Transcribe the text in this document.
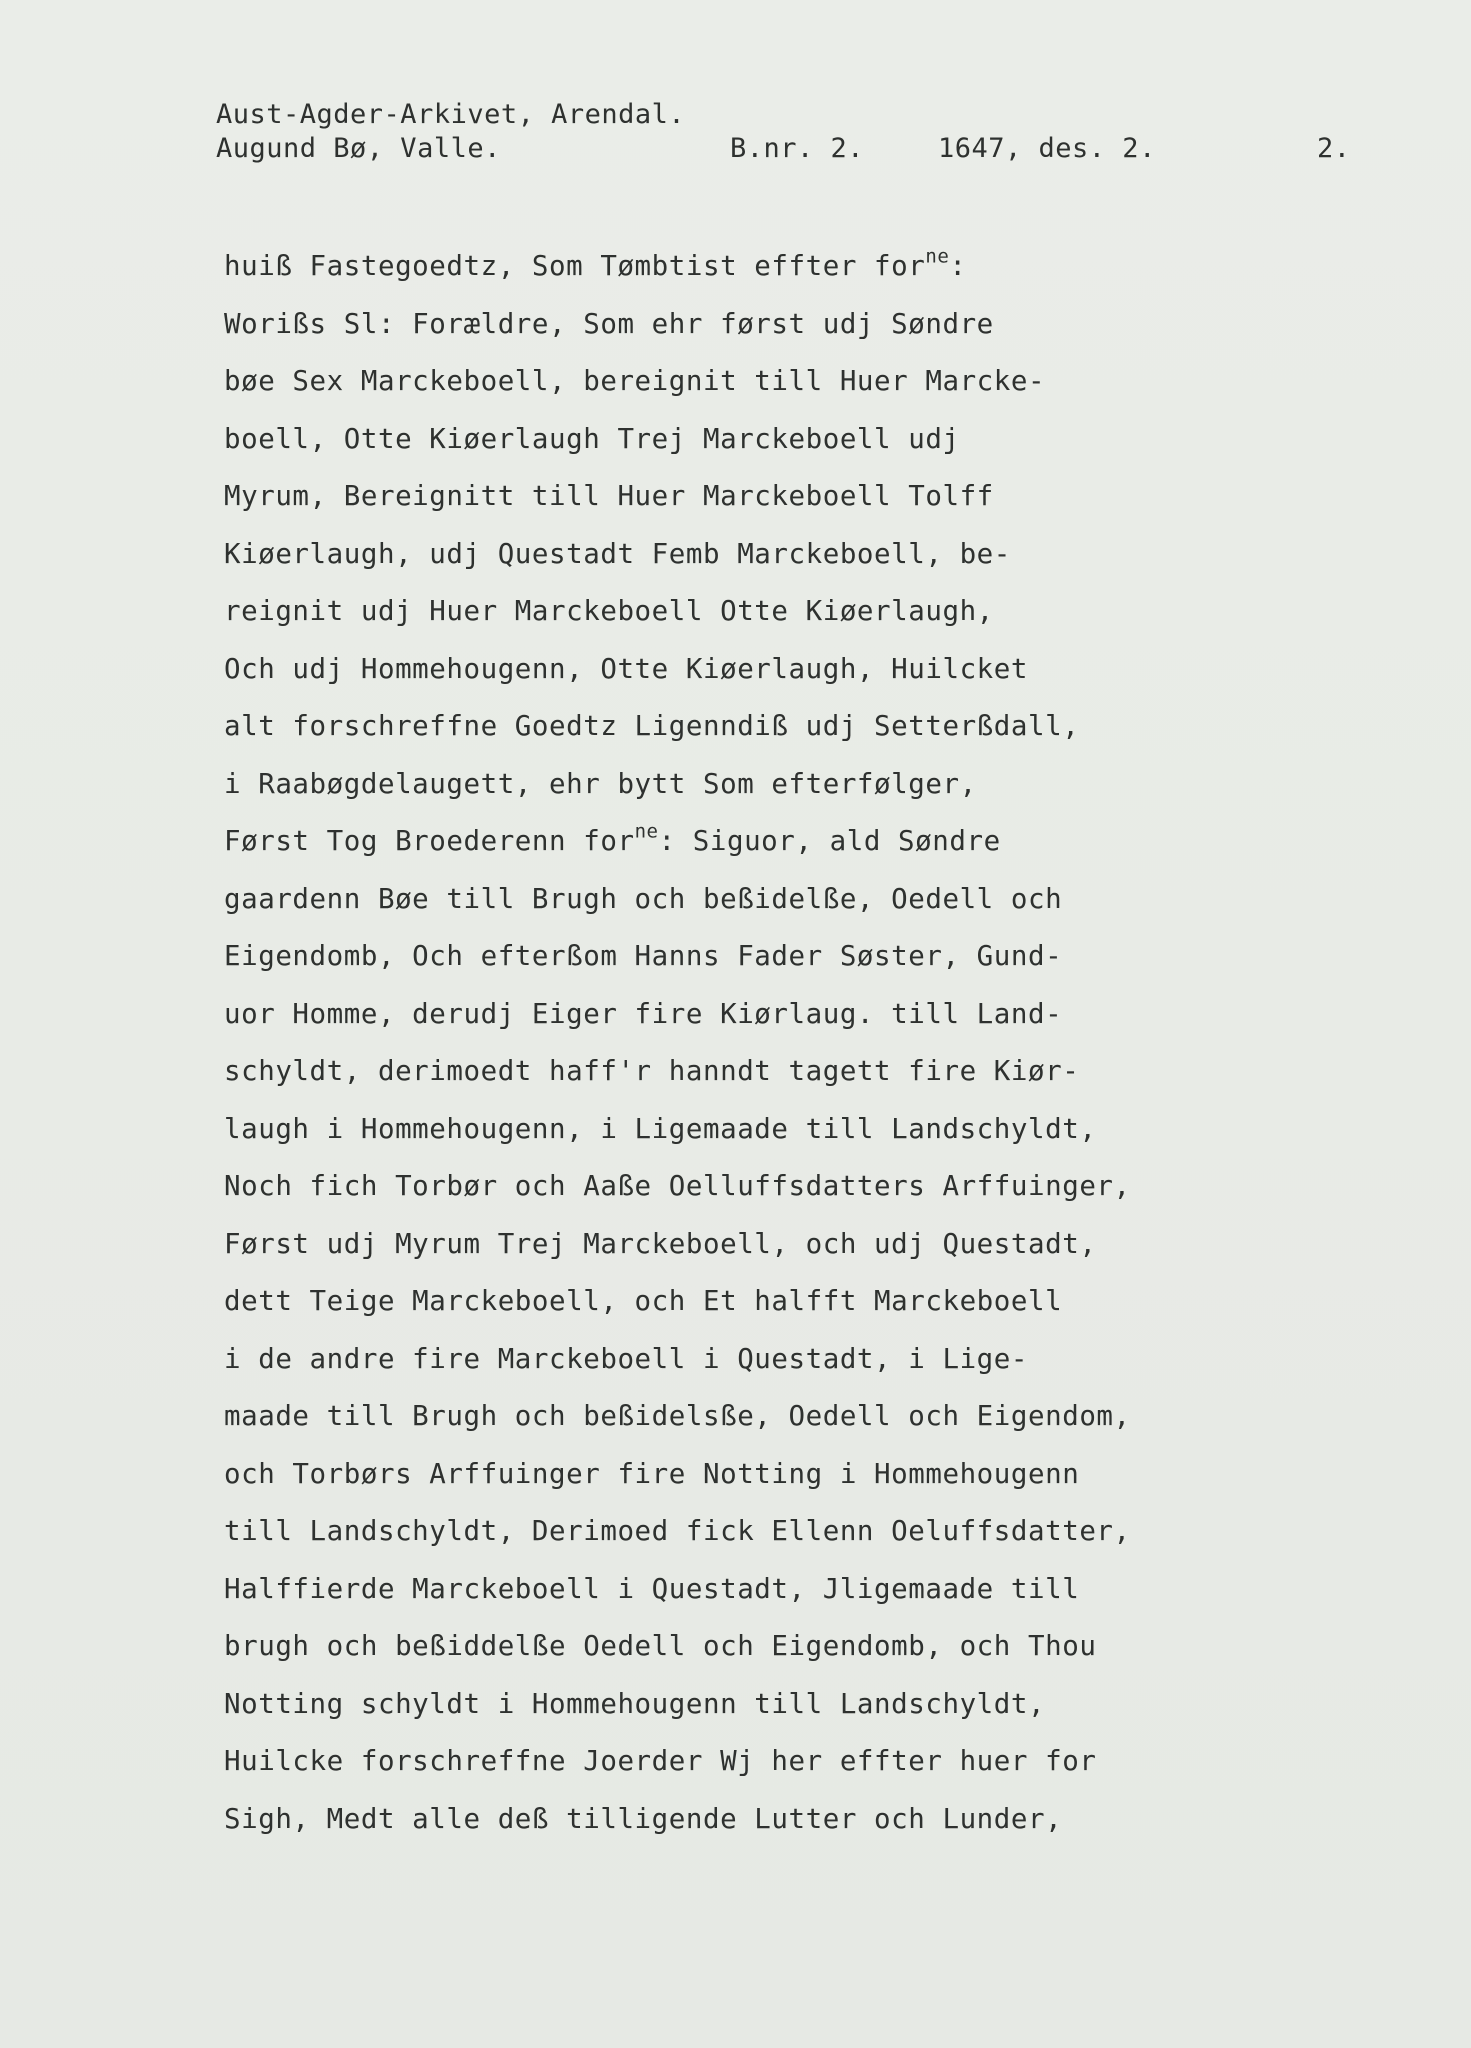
Aust-Agder-Arkivet, Arendal.
Augund Bø, Valle.	B.nr. 2.	1647, des. 2.	2.
huiß Fastegoedtz, Som Tømbtist effter for$^{ne}$:
Worißs Sl: Forældre, Som ehr først udj Søndre
bøe Sex Marckeboell, bereignit till Huer Marcke-
boell, Otte Kiøerlaugh Trej Marckeboell udj
Myrum, Bereignitt till Huer Marckeboell Tolff
Kiøerlaugh, udj Questadt Femb Marckeboell, be-
reignit udj Huer Marckeboell Otte Kiøerlaugh,
Och udj Hommehougenn, Otte Kiøerlaugh, Huilcket
alt forschreffne Goedtz Ligenndiß udj Setterßdall,
i Raabøgdelaugett, ehr bytt Som efterfølger,
Først Tog Broederenn for$^{ne}$: Siguor, ald Søndre
gaardenn Bøe till Brugh och beßidelße, Oedell och
Eigendomb, Och efterßom Hanns Fader Søster, Gund-
uor Homme, derudj Eiger fire Kiørlaug. till Land-
schyldt, derimoedt haff'r hanndt tagett fire Kiør-
laugh i Hommehougenn, i Ligemaade till Landschyldt,
Noch fich Torbør och Aaße Oelluffsdatters Arffuinger,
Først udj Myrum Trej Marckeboell, och udj Questadt,
dett Teige Marckeboell, och Et halfft Marckeboell
i de andre fire Marckeboell i Questadt, i Lige-
maade till Brugh och beßidelsße, Oedell och Eigendom,
och Torbørs Arffuinger fire Notting i Hommehougenn
till Landschyldt, Derimoed fick Ellenn Oeluffsdatter,
Halffierde Marckeboell i Questadt, Jligemaade till
brugh och beßiddelße Oedell och Eigendomb, och Thou
Notting schyldt i Hommehougenn till Landschyldt,
Huilcke forschreffne Joerder Wj her effter huer for
Sigh, Medt alle deß tilligende Lutter och Lunder,
